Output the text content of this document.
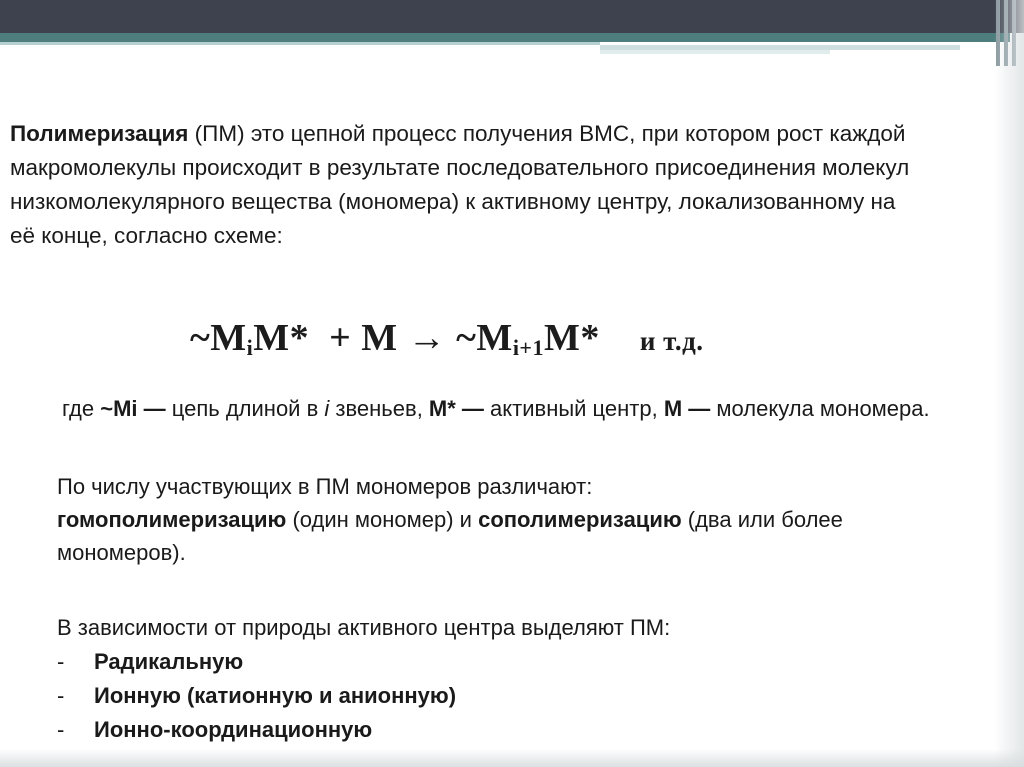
Полимеризация (ПМ) это цепной процесс получения ВМС, при котором рост каждой макромолекулы происходит в результате последовательного присоединения молекул низкомолекулярного вещества (мономера) к активному центру, локализованному на её конце, согласно схеме:
$\sim M_iM* + M$ → $\sim M_{i+1}M*$ и т.д.
где ~Mi — цепь длиной в i звеньев, M* — активный центр, M — молекула мономера.
По числу участвующих в ПМ мономеров различают:
гомополимеризацию (один мономер) и сополимеризацию (два или более мономеров).
В зависимости от природы активного центра выделяют ПМ:
- Радикальную
- Ионную (катионную и анионную)
- Ионно-координационную
